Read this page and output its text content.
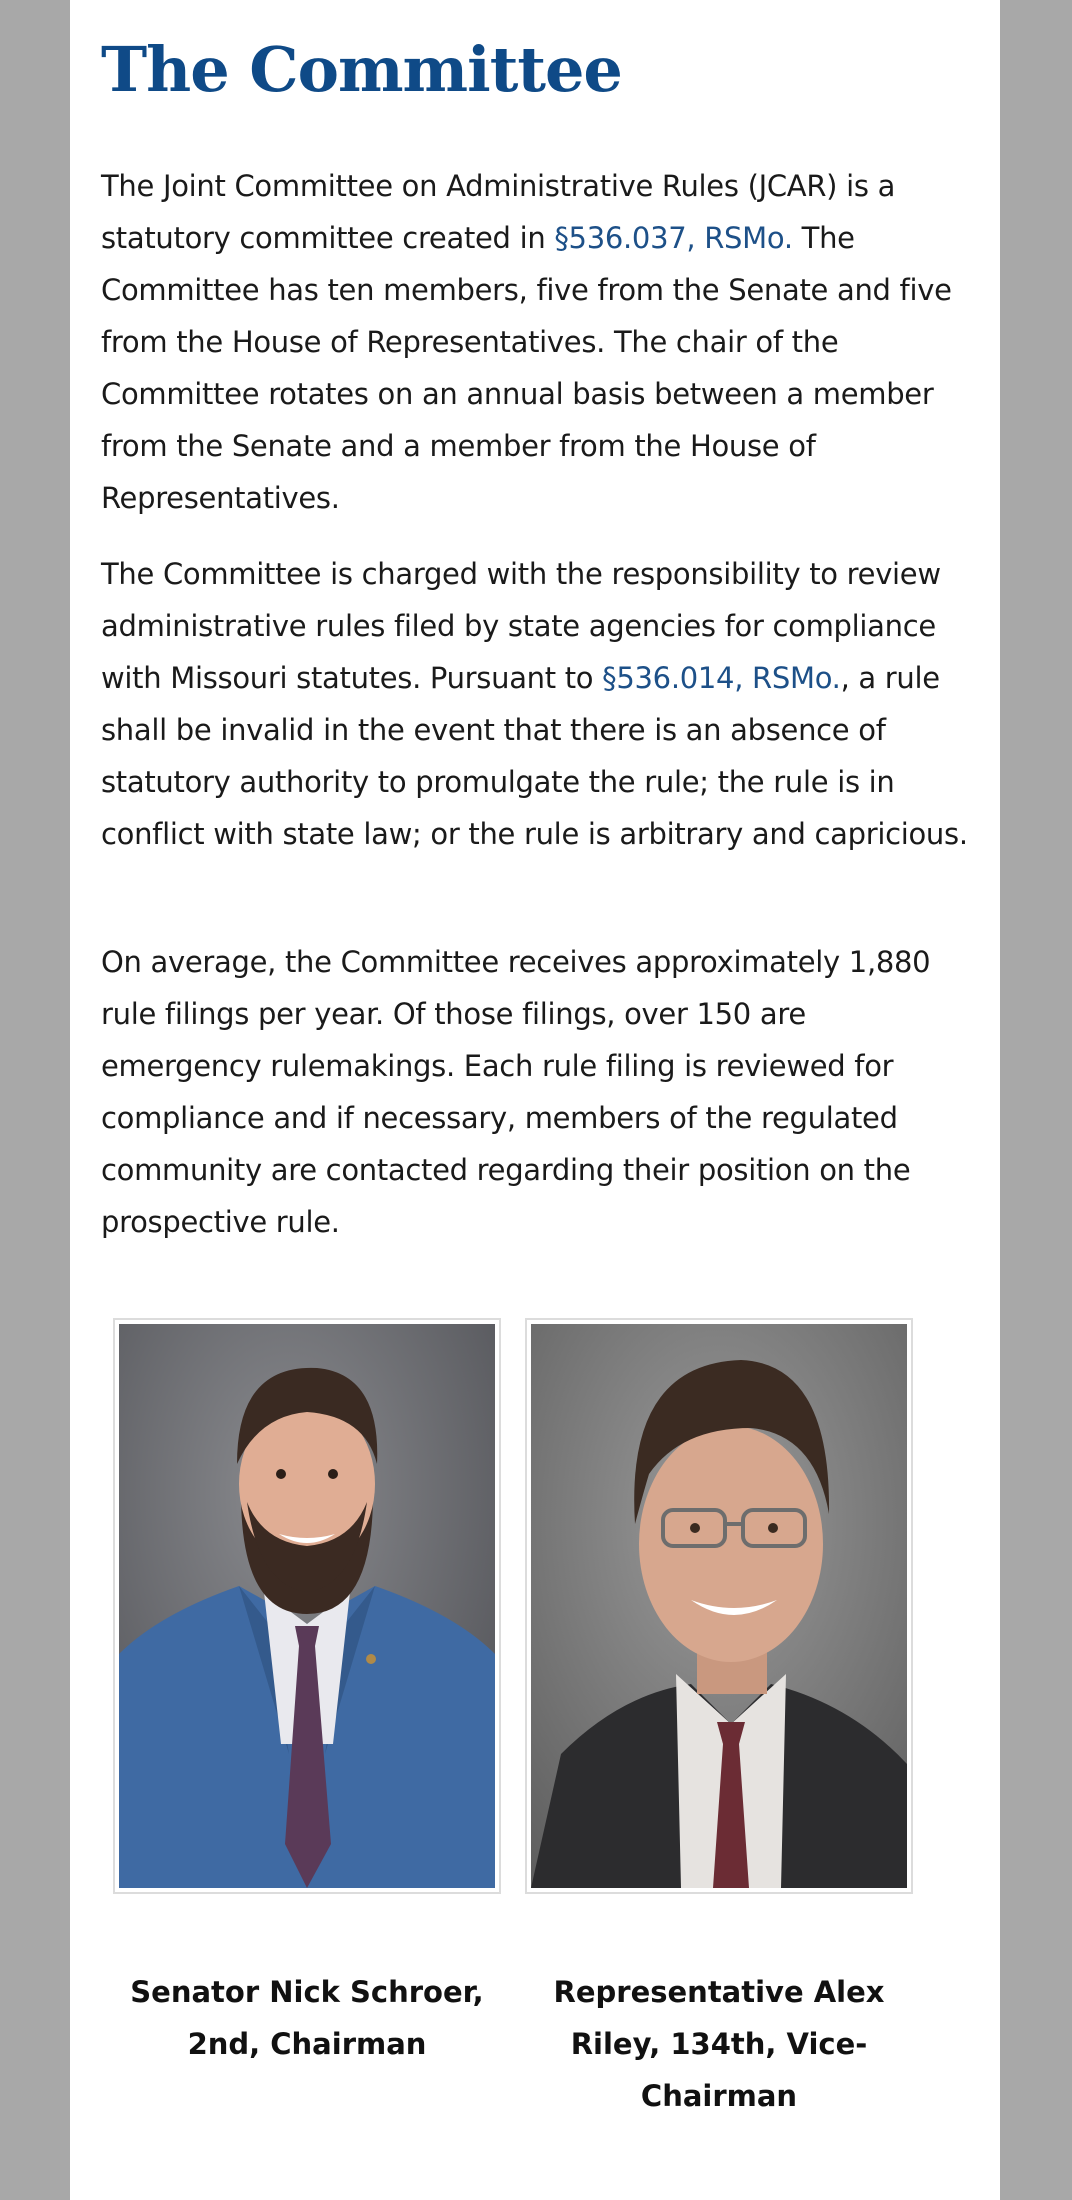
The Committee

The Joint Committee on Administrative Rules (JCAR) is a statutory committee created in §536.037, RSMo. The Committee has ten members, five from the Senate and five from the House of Representatives. The chair of the Committee rotates on an annual basis between a member from the Senate and a member from the House of Representatives.

The Committee is charged with the responsibility to review administrative rules filed by state agencies for compliance with Missouri statutes. Pursuant to §536.014, RSMo., a rule shall be invalid in the event that there is an absence of statutory authority to promulgate the rule; the rule is in conflict with state law; or the rule is arbitrary and capricious.

On average, the Committee receives approximately 1,880 rule filings per year. Of those filings, over 150 are emergency rulemakings. Each rule filing is reviewed for compliance and if necessary, members of the regulated community are contacted regarding their position on the prospective rule.

Senator Nick Schroer, 2nd, Chairman

Representative Alex Riley, 134th, Vice-Chairman
